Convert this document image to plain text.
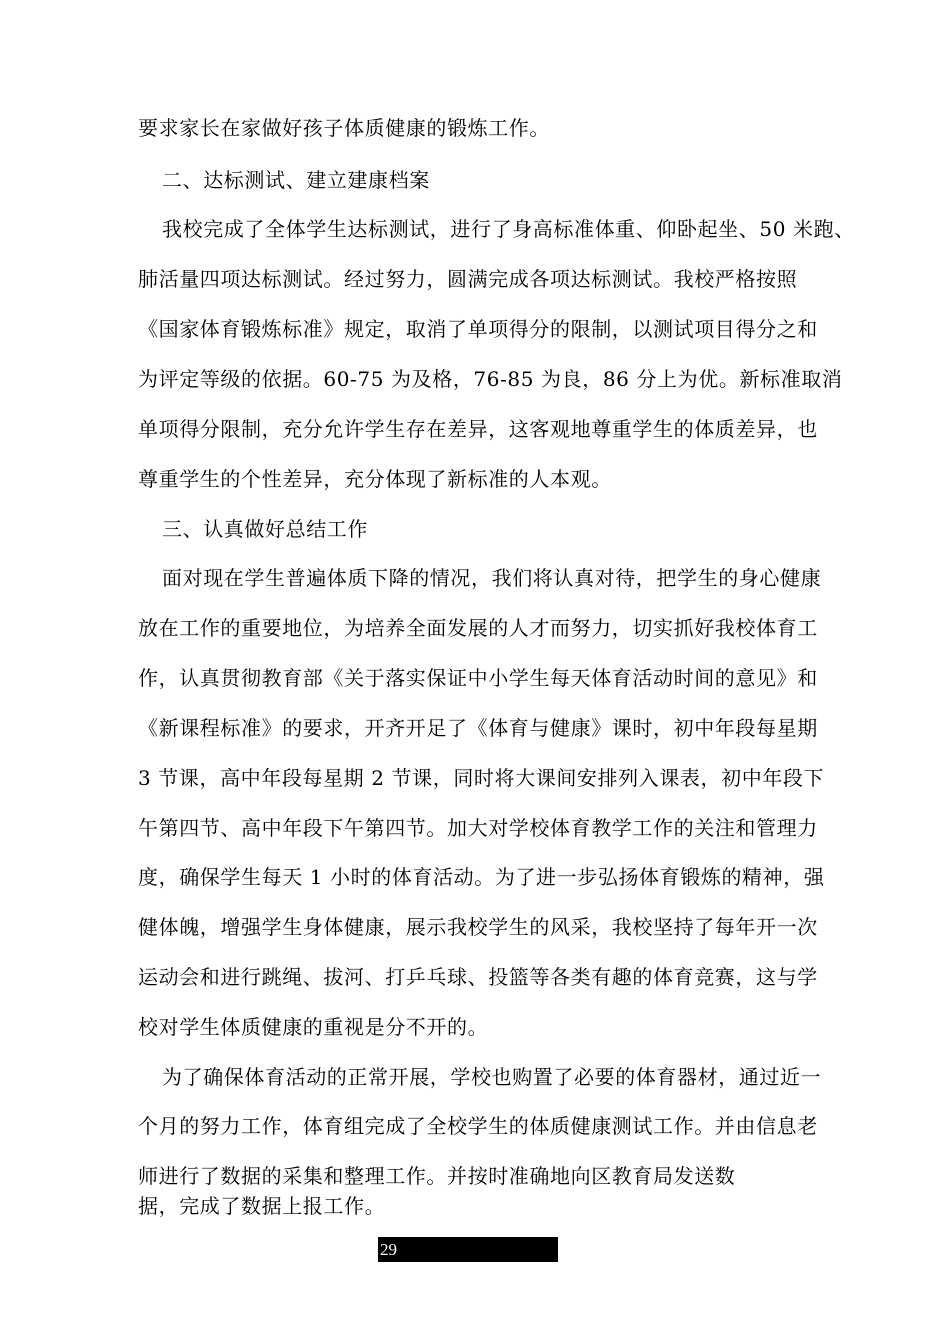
要求家长在家做好孩子体质健康的锻炼工作。
二、达标测试、建立建康档案
我校完成了全体学生达标测试，进行了身高标准体重、仰卧起坐、50 米跑、
肺活量四项达标测试。经过努力，圆满完成各项达标测试。我校严格按照
《国家体育锻炼标准》规定，取消了单项得分的限制，以测试项目得分之和
为评定等级的依据。60-75 为及格，76-85 为良，86 分上为优。新标准取消
单项得分限制，充分允许学生存在差异，这客观地尊重学生的体质差异，也
尊重学生的个性差异，充分体现了新标准的人本观。
三、认真做好总结工作
面对现在学生普遍体质下降的情况，我们将认真对待，把学生的身心健康
放在工作的重要地位，为培养全面发展的人才而努力，切实抓好我校体育工
作，认真贯彻教育部《关于落实保证中小学生每天体育活动时间的意见》和
《新课程标准》的要求，开齐开足了《体育与健康》课时，初中年段每星期
3 节课，高中年段每星期 2 节课，同时将大课间安排列入课表，初中年段下
午第四节、高中年段下午第四节。加大对学校体育教学工作的关注和管理力
度，确保学生每天 1 小时的体育活动。为了进一步弘扬体育锻炼的精神，强
健体魄，增强学生身体健康，展示我校学生的风采，我校坚持了每年开一次
运动会和进行跳绳、拔河、打乒乓球、投篮等各类有趣的体育竞赛，这与学
校对学生体质健康的重视是分不开的。
为了确保体育活动的正常开展，学校也购置了必要的体育器材，通过近一
个月的努力工作，体育组完成了全校学生的体质健康测试工作。并由信息老
师进行了数据的采集和整理工作。并按时准确地向区教育局发送数
据，完成了数据上报工作。
29
